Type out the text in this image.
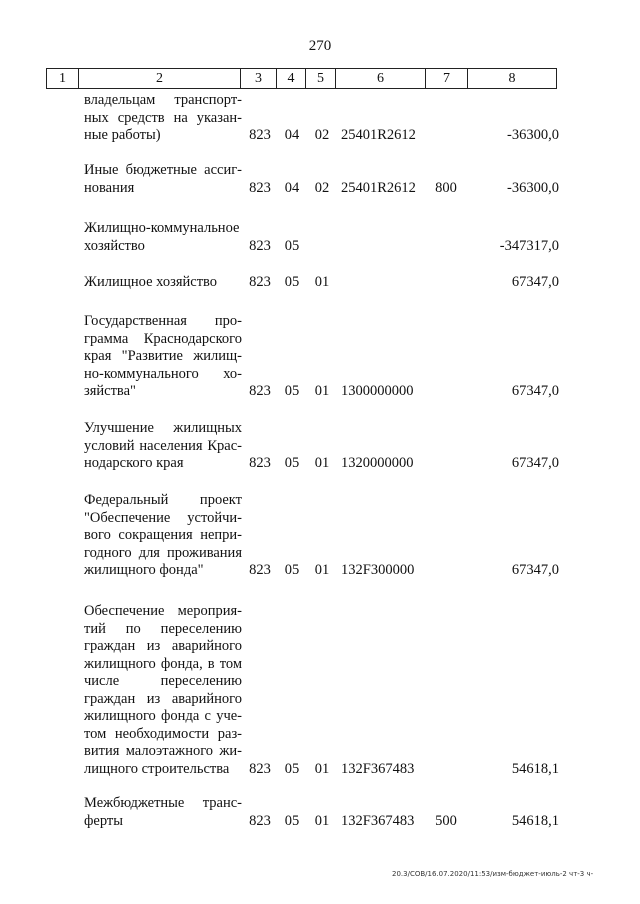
270
1	2	3	4	5	6	7	8
владельцам транспорт-
ных средств на указан-
ные работы)	823 04 02 25401R2612	-36300,0
Иные бюджетные ассиг-
нования	823 04 02 25401R2612 800	-36300,0
Жилищно-коммунальное
хозяйство	823 05	-347317,0
Жилищное хозяйство	823 05 01	67347,0
Государственная про-
грамма Краснодарского
края "Развитие жилищ-
но-коммунального хо-
зяйства"	823 05 01 1300000000	67347,0
Улучшение жилищных
условий населения Крас-
нодарского края	823 05 01 1320000000	67347,0
Федеральный проект
"Обеспечение устойчи-
вого сокращения непри-
годного для проживания
жилищного фонда"	823 05 01 132F300000	67347,0
Обеспечение мероприя-
тий по переселению
граждан из аварийного
жилищного фонда, в том
числе переселению
граждан из аварийного
жилищного фонда с уче-
том необходимости раз-
вития малоэтажного жи-
лищного строительства	823 05 01 132F367483	54618,1
Межбюджетные транс-
ферты	823 05 01 132F367483 500	54618,1
20.3/СОВ/16.07.2020/11:53/изм-бюджет-июль-2 чт-3 ч-
